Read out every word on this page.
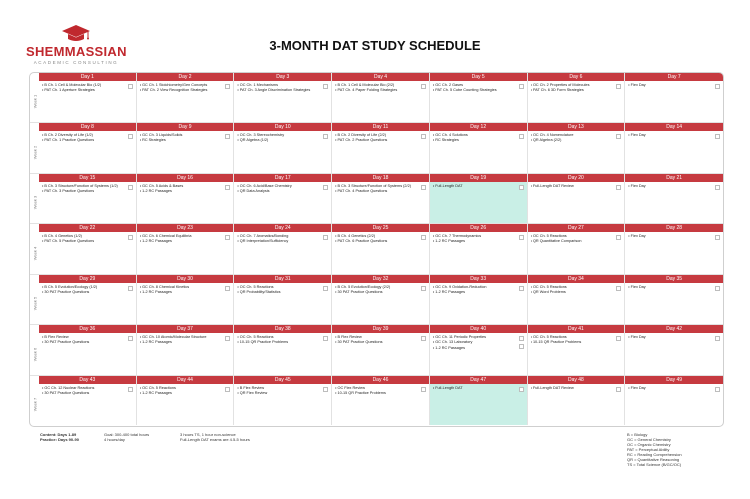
SHEMMASSIAN
ACADEMIC CONSULTING
3-MONTH DAT STUDY SCHEDULE
Week 1
Day 1
• B Ch. 1 Cell & Molecular Bio (1/2)
• PAT Ch. 1 Aperture Strategies
Day 2
• GC Ch. 1 Stoichiometry/Gen Concepts
• PAT Ch. 2 View Recognition Strategies
Day 3
• OC Ch. 1 Mechanisms
• PAT Ch. 3 Angle Discrimination Strategies
Day 4
• B Ch. 1 Cell & Molecular Bio (2/2)
• PAT Ch. 4 Paper Folding Strategies
Day 5
• GC Ch. 2 Gases
• PAT Ch. 5 Cube Counting Strategies
Day 6
• OC Ch. 2 Properties of Molecules
• PAT Ch. 6 3D Form Strategies
Day 7
• Flex Day
Week 2
Day 8
• B Ch. 2 Diversity of Life (1/2)
• PAT Ch. 1 Practice Questions
Day 9
• GC Ch. 3 Liquids/Solids
• RC Strategies
Day 10
• OC Ch. 3 Stereochemistry
• QR Algebra (1/2)
Day 11
• B Ch. 2 Diversity of Life (2/2)
• PAT Ch. 2 Practice Questions
Day 12
• GC Ch. 4 Solutions
• RC Strategies
Day 13
• OC Ch. 4 Nomenclature
• QR Algebra (2/2)
Day 14
• Flex Day
Week 3
Day 15
• B Ch. 3 Structure/Function of Systems (1/2)
• PAT Ch. 3 Practice Questions
Day 16
• GC Ch. 5 Acids & Bases
• 1-2 RC Passages
Day 17
• OC Ch. 6 Acid/Base Chemistry
• QR Data Analysis
Day 18
• B Ch. 3 Structure/Function of Systems (2/2)
• PAT Ch. 4 Practice Questions
Day 19
• Full-Length DAT
Day 20
• Full-Length DAT Review
Day 21
• Flex Day
Week 4
Day 22
• B Ch. 4 Genetics (1/2)
• PAT Ch. 5 Practice Questions
Day 23
• GC Ch. 6 Chemical Equilibria
• 1-2 RC Passages
Day 24
• OC Ch. 7 Aromatics/Bonding
• QR Interpretation/Sufficiency
Day 25
• B Ch. 4 Genetics (2/2)
• PAT Ch. 6 Practice Questions
Day 26
• GC Ch. 7 Thermodynamics
• 1-2 RC Passages
Day 27
• OC Ch. 5 Reactions
• QR Quantitative Comparison
Day 28
• Flex Day
Week 5
Day 29
• B Ch. 5 Evolution/Ecology (1/2)
• 30 PAT Practice Questions
Day 30
• GC Ch. 8 Chemical Kinetics
• 1-2 RC Passages
Day 31
• OC Ch. 5 Reactions
• QR Probability/Statistics
Day 32
• B Ch. 5 Evolution/Ecology (2/2)
• 30 PAT Practice Questions
Day 33
• GC Ch. 9 Oxidation-Reduction
• 1-2 RC Passages
Day 34
• OC Ch. 5 Reactions
• QR Word Problems
Day 35
• Flex Day
Week 6
Day 36
• B Flex Review
• 30 PAT Practice Questions
Day 37
• GC Ch. 10 Atomic/Molecular Structure
• 1-2 RC Passages
Day 38
• OC Ch. 5 Reactions
• 10-15 QR Practice Problems
Day 39
• B Flex Review
• 30 PAT Practice Questions
Day 40
• GC Ch. 11 Periodic Properties
• GC Ch. 13 Laboratory
• 1-2 RC Passages
Day 41
• OC Ch. 5 Reactions
• 10-15 QR Practice Problems
Day 42
• Flex Day
Week 7
Day 43
• GC Ch. 12 Nuclear Reactions
• 30 PAT Practice Questions
Day 44
• OC Ch. 5 Reactions
• 1-2 RC Passages
Day 45
• B Flex Review
• QR Flex Review
Day 46
• OC Flex Review
• 10-15 QR Practice Problems
Day 47
• Full-Length DAT
Day 48
• Full-Length DAT Review
Day 49
• Flex Day
Content: Days 1-89
Practice: Days 90-90
Goal: 300-400 total hours
4 hours/day
3 hours TS, 1 hour non-science
Full-Length DAT exams are 4.5-5 hours
B = Biology
GC = General Chemistry
OC = Organic Chemistry
PAT = Perceptual Ability
RC = Reading Comprehension
QR = Quantitative Reasoning
TS = Total Science (B/GC/OC)
